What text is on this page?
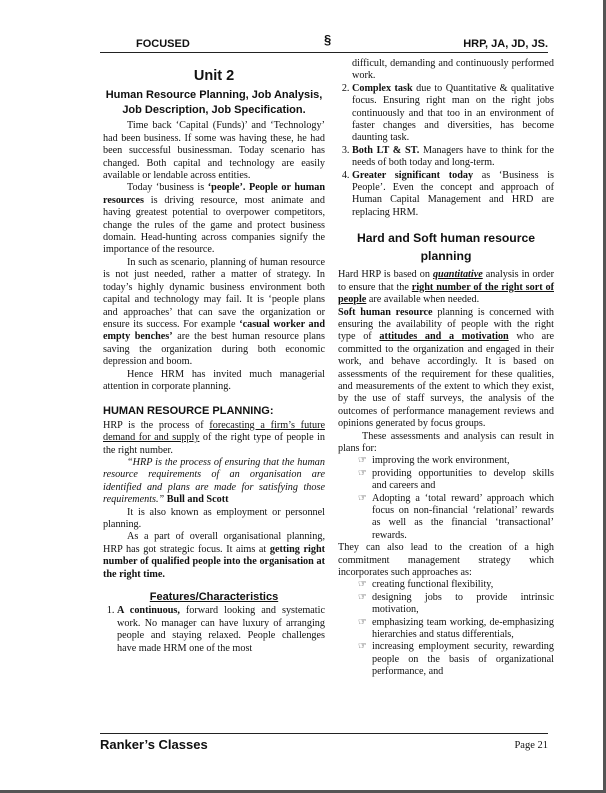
FOCUSED	§	HRP, JA, JD, JS.
Unit 2
Human Resource Planning, Job Analysis, Job Description, Job Specification.

Time back ‘Capital (Funds)’ and ‘Technology’ had been business. If some was having these, he had been successful businessman. Today scenario has changed. Both capital and technology are easily available or lendable across entities.

Today ‘business is ‘people’. People or human resources is driving resource, most animate and having greatest potential to overpower competitors, change the rules of the game and protect business domain. Head-hunting across companies signify the importance of the resource.

In such as scenario, planning of human resource is not just needed, rather a matter of strategy. In today’s highly dynamic business environment both capital and technology may fail. It is ‘people plans and approaches’ that can save the organization or ensure its success. For example ‘casual worker and empty benches’ are the best human resource plans saving the organization during both economic depression and boom.

Hence HRM has invited much managerial attention in corporate planning.

HUMAN RESOURCE PLANNING:

HRP is the process of forecasting a firm’s future demand for and supply of the right type of people in the right number.

“HRP is the process of ensuring that the human resource requirements of an organisation are identified and plans are made for satisfying those requirements.” Bull and Scott

It is also known as employment or personnel planning.

As a part of overall organisational planning, HRP has got strategic focus. It aims at getting right number of qualified people into the organisation at the right time.

Features/Characteristics
1. A continuous, forward looking and systematic work. No manager can have luxury of arranging people and staying relaxed. People challenges have made HRM one of the most

difficult, demanding and continuously performed work.

2. Complex task due to Quantitative & qualitative focus. Ensuring right man on the right jobs continuously and that too in an environment of faster changes and diversities, has become daunting task.
3. Both LT & ST. Managers have to think for the needs of both today and long-term.
4. Greater significant today as ‘Business is People’. Even the concept and approach of Human Capital Management and HRD are replacing HRM.
Hard and Soft human resource planning

Hard HRP is based on quantitative analysis in order to ensure that the right number of the right sort of people are available when needed.

Soft human resource planning is concerned with ensuring the availability of people with the right type of attitudes and a motivation who are committed to the organization and engaged in their work, and behave accordingly. It is based on assessments of the requirement for these qualities, and measurements of the extent to which they exist, by the use of staff surveys, the analysis of the outcomes of performance management reviews and opinions generated by focus groups.

These assessments and analysis can result in plans for:

☞ improving the work environment,
☞ providing opportunities to develop skills and careers and
☞ Adopting a ‘total reward’ approach which focus on non-financial ‘relational’ rewards as well as the financial ‘transactional’ rewards.

They can also lead to the creation of a high commitment management strategy which incorporates such approaches as:

☞ creating functional flexibility,
☞ designing jobs to provide intrinsic motivation,
☞ emphasizing team working, de-emphasizing hierarchies and status differentials,
☞ increasing employment security, rewarding people on the basis of organizational performance, and
Ranker’s Classes	Page 21
